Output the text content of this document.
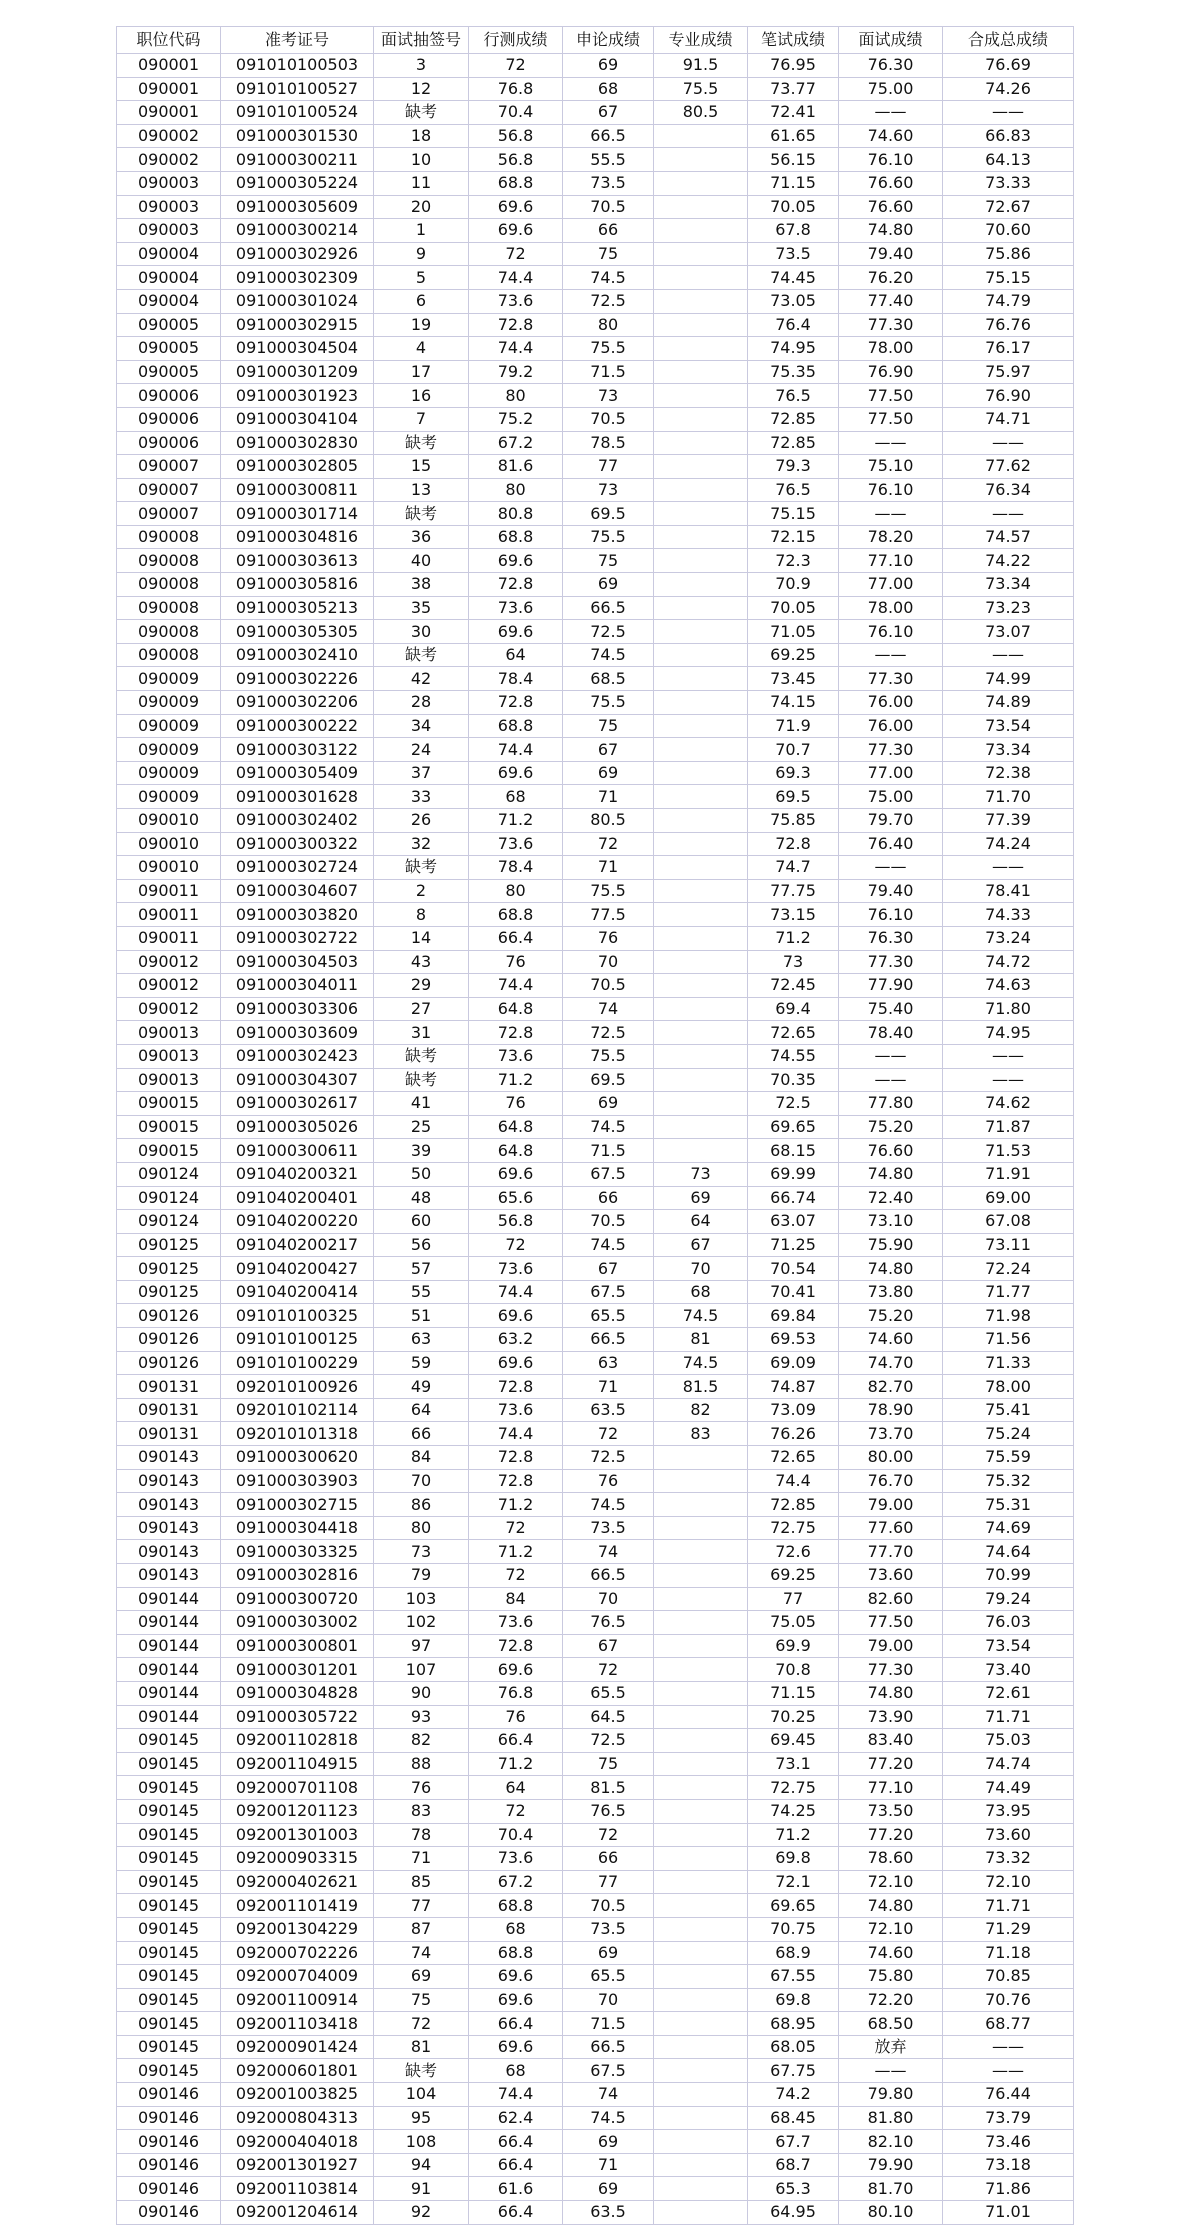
职位代码	准考证号	面试抽签号	行测成绩	申论成绩	专业成绩	笔试成绩	面试成绩	合成总成绩
090001	091010100503	3	72	69	91.5	76.95	76.30	76.69
090001	091010100527	12	76.8	68	75.5	73.77	75.00	74.26
090001	091010100524	缺考	70.4	67	80.5	72.41	——	——
090002	091000301530	18	56.8	66.5		61.65	74.60	66.83
090002	091000300211	10	56.8	55.5		56.15	76.10	64.13
090003	091000305224	11	68.8	73.5		71.15	76.60	73.33
090003	091000305609	20	69.6	70.5		70.05	76.60	72.67
090003	091000300214	1	69.6	66		67.8	74.80	70.60
090004	091000302926	9	72	75		73.5	79.40	75.86
090004	091000302309	5	74.4	74.5		74.45	76.20	75.15
090004	091000301024	6	73.6	72.5		73.05	77.40	74.79
090005	091000302915	19	72.8	80		76.4	77.30	76.76
090005	091000304504	4	74.4	75.5		74.95	78.00	76.17
090005	091000301209	17	79.2	71.5		75.35	76.90	75.97
090006	091000301923	16	80	73		76.5	77.50	76.90
090006	091000304104	7	75.2	70.5		72.85	77.50	74.71
090006	091000302830	缺考	67.2	78.5		72.85	——	——
090007	091000302805	15	81.6	77		79.3	75.10	77.62
090007	091000300811	13	80	73		76.5	76.10	76.34
090007	091000301714	缺考	80.8	69.5		75.15	——	——
090008	091000304816	36	68.8	75.5		72.15	78.20	74.57
090008	091000303613	40	69.6	75		72.3	77.10	74.22
090008	091000305816	38	72.8	69		70.9	77.00	73.34
090008	091000305213	35	73.6	66.5		70.05	78.00	73.23
090008	091000305305	30	69.6	72.5		71.05	76.10	73.07
090008	091000302410	缺考	64	74.5		69.25	——	——
090009	091000302226	42	78.4	68.5		73.45	77.30	74.99
090009	091000302206	28	72.8	75.5		74.15	76.00	74.89
090009	091000300222	34	68.8	75		71.9	76.00	73.54
090009	091000303122	24	74.4	67		70.7	77.30	73.34
090009	091000305409	37	69.6	69		69.3	77.00	72.38
090009	091000301628	33	68	71		69.5	75.00	71.70
090010	091000302402	26	71.2	80.5		75.85	79.70	77.39
090010	091000300322	32	73.6	72		72.8	76.40	74.24
090010	091000302724	缺考	78.4	71		74.7	——	——
090011	091000304607	2	80	75.5		77.75	79.40	78.41
090011	091000303820	8	68.8	77.5		73.15	76.10	74.33
090011	091000302722	14	66.4	76		71.2	76.30	73.24
090012	091000304503	43	76	70		73	77.30	74.72
090012	091000304011	29	74.4	70.5		72.45	77.90	74.63
090012	091000303306	27	64.8	74		69.4	75.40	71.80
090013	091000303609	31	72.8	72.5		72.65	78.40	74.95
090013	091000302423	缺考	73.6	75.5		74.55	——	——
090013	091000304307	缺考	71.2	69.5		70.35	——	——
090015	091000302617	41	76	69		72.5	77.80	74.62
090015	091000305026	25	64.8	74.5		69.65	75.20	71.87
090015	091000300611	39	64.8	71.5		68.15	76.60	71.53
090124	091040200321	50	69.6	67.5	73	69.99	74.80	71.91
090124	091040200401	48	65.6	66	69	66.74	72.40	69.00
090124	091040200220	60	56.8	70.5	64	63.07	73.10	67.08
090125	091040200217	56	72	74.5	67	71.25	75.90	73.11
090125	091040200427	57	73.6	67	70	70.54	74.80	72.24
090125	091040200414	55	74.4	67.5	68	70.41	73.80	71.77
090126	091010100325	51	69.6	65.5	74.5	69.84	75.20	71.98
090126	091010100125	63	63.2	66.5	81	69.53	74.60	71.56
090126	091010100229	59	69.6	63	74.5	69.09	74.70	71.33
090131	092010100926	49	72.8	71	81.5	74.87	82.70	78.00
090131	092010102114	64	73.6	63.5	82	73.09	78.90	75.41
090131	092010101318	66	74.4	72	83	76.26	73.70	75.24
090143	091000300620	84	72.8	72.5		72.65	80.00	75.59
090143	091000303903	70	72.8	76		74.4	76.70	75.32
090143	091000302715	86	71.2	74.5		72.85	79.00	75.31
090143	091000304418	80	72	73.5		72.75	77.60	74.69
090143	091000303325	73	71.2	74		72.6	77.70	74.64
090143	091000302816	79	72	66.5		69.25	73.60	70.99
090144	091000300720	103	84	70		77	82.60	79.24
090144	091000303002	102	73.6	76.5		75.05	77.50	76.03
090144	091000300801	97	72.8	67		69.9	79.00	73.54
090144	091000301201	107	69.6	72		70.8	77.30	73.40
090144	091000304828	90	76.8	65.5		71.15	74.80	72.61
090144	091000305722	93	76	64.5		70.25	73.90	71.71
090145	092001102818	82	66.4	72.5		69.45	83.40	75.03
090145	092001104915	88	71.2	75		73.1	77.20	74.74
090145	092000701108	76	64	81.5		72.75	77.10	74.49
090145	092001201123	83	72	76.5		74.25	73.50	73.95
090145	092001301003	78	70.4	72		71.2	77.20	73.60
090145	092000903315	71	73.6	66		69.8	78.60	73.32
090145	092000402621	85	67.2	77		72.1	72.10	72.10
090145	092001101419	77	68.8	70.5		69.65	74.80	71.71
090145	092001304229	87	68	73.5		70.75	72.10	71.29
090145	092000702226	74	68.8	69		68.9	74.60	71.18
090145	092000704009	69	69.6	65.5		67.55	75.80	70.85
090145	092001100914	75	69.6	70		69.8	72.20	70.76
090145	092001103418	72	66.4	71.5		68.95	68.50	68.77
090145	092000901424	81	69.6	66.5		68.05	放弃	——
090145	092000601801	缺考	68	67.5		67.75	——	——
090146	092001003825	104	74.4	74		74.2	79.80	76.44
090146	092000804313	95	62.4	74.5		68.45	81.80	73.79
090146	092000404018	108	66.4	69		67.7	82.10	73.46
090146	092001301927	94	66.4	71		68.7	79.90	73.18
090146	092001103814	91	61.6	69		65.3	81.70	71.86
090146	092001204614	92	66.4	63.5		64.95	80.10	71.01
